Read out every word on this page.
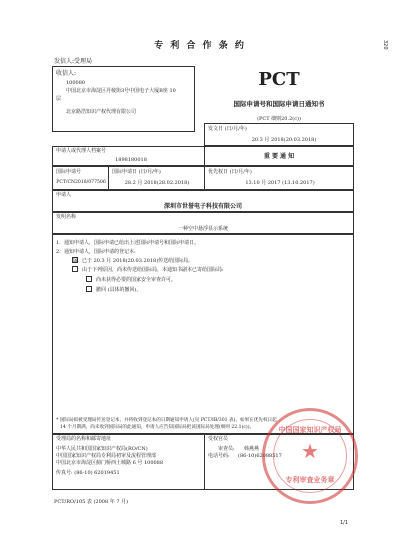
320
专 利 合 作 条 约
发信人:受理局
收信人:
100080
中国北京市海淀区丹棱街3号中国电子大厦B座 10
层
北京路浩知识产权代理有限公司
PCT
国际申请号和国际申请日通知书
(PCT 细则20.2(c))
发文日 (日/月/年)
20.3 月 2018(20.03.2018)
申请人或代理人档案号
1898180018	重 要 通 知
国际申请号
PCT/CN2018/077506
国际申请日 (日/月/年)
28.2 月 2018(28.02.2018)
优先权日 (日/月/年)
13.10 月 2017 (13.10.2017)
申请人
深圳市世誉电子科技有限公司
发明名称
一种空中悬浮显示系统
1. 通知申请人，国际申请已给出上述国际申请号和国际申请日。
2. 通知申请人，国际申请的登记本:
☒ 已于 20.3 月 2018(20.03.2018)传送给国际局。
由于下列原因，尚未传送给国际局，本通知书副本已寄给国际局:
尚未获得必要的国家安全审查许可。
撤回 (具体的撤回)。
* 国际局拟被受理局传送登记本，并将收到登记本的日期通知申请人(见 PCT/IB/301 表)。如果在优先权日起
14 个月期满，尚未收到国际局的此通知，申请人应告知国际局把该国际局处理(细则 22.1(c))。
受理局的名称和邮寄地址
中华人民共和国国家知识产权局(RO/CN)
中国国家知识产权局专利局初审及流程管理部
中国北京市海淀区蓟门桥西土城路 6 号 100088
传真号: (86-10) 62019451
受权官员
审查员: 韩燕燕
电话号码: (86-10)62088517
中国国家知识产权局
★
专利审查业务章
PCT/RO/105 表 (2008 年 7 月)
1/1
